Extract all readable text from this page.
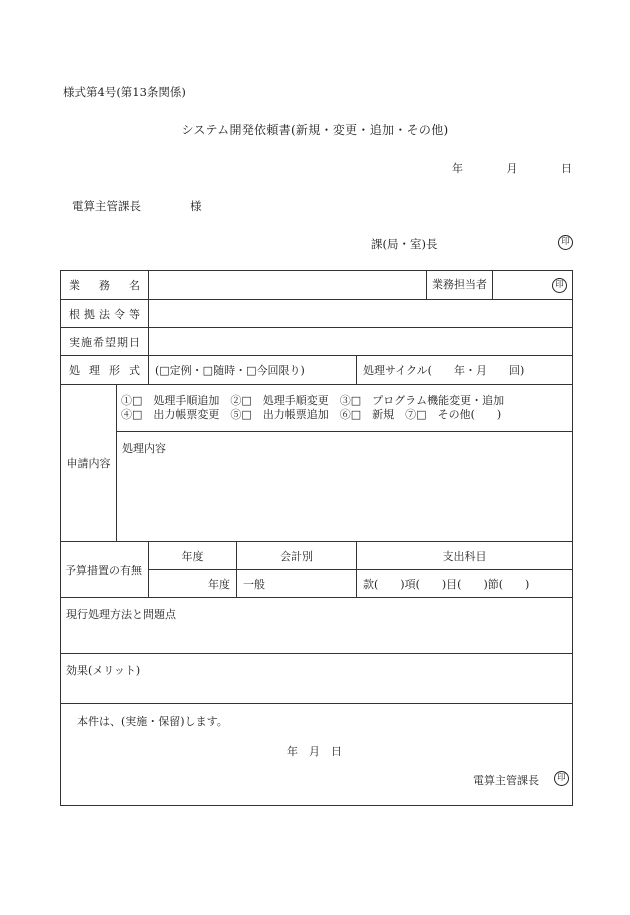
様式第4号(第13条関係)
システム開発依頼書(新規・変更・追加・その他)
年	月	日
電算主管課長	様
課(局・室)長	印
業務名					業務担当者 印

根拠法令等					
実施希望期日					
処理形式		(□定例・□随時・□今回限り)		処理サイクル(　　年・月　　回)	
申請内容	①□　処理手順追加　②□　処理手順変更　③□　プログラム機能変更・追加
④□　出力帳票変更　⑤□　出力帳票追加　⑥□　新規　⑦□　その他(　　)				

	処理内容				
予算措置の有無		年度	会計別	支出科目	
		年度	一般	款(　　)項(　　)目(　　)節(　　)	
現行処理方法と問題点					
効果(メリット)					

本件は、(実施・保留)します。
年　月　日
電算主管課長 印					
